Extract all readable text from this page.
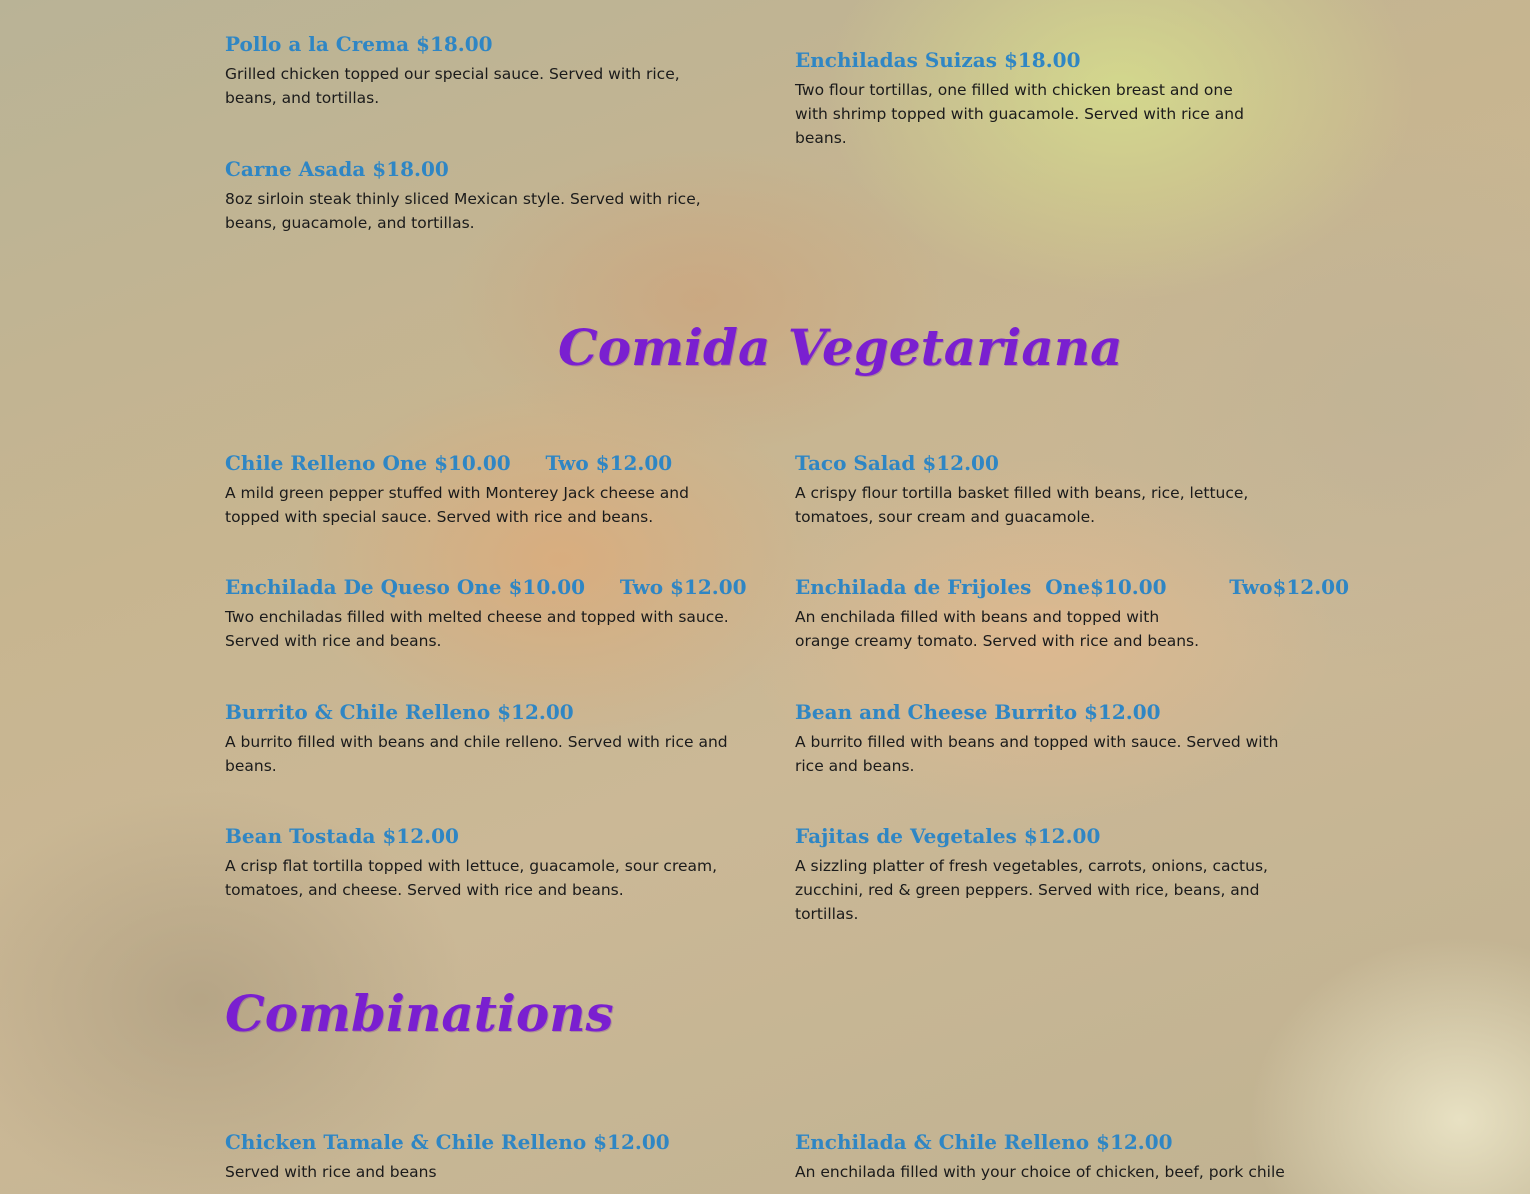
Pollo a la Crema $18.00
Grilled chicken topped our special sauce. Served with rice, beans, and tortillas.
Enchiladas Suizas $18.00
Two flour tortillas, one filled with chicken breast and one with shrimp topped with guacamole. Served with rice and beans.
Carne Asada $18.00
8oz sirloin steak thinly sliced Mexican style. Served with rice, beans, guacamole, and tortillas.
Comida Vegetariana
Chile Relleno One $10.00     Two $12.00
A mild green pepper stuffed with Monterey Jack cheese and topped with special sauce. Served with rice and beans.
Taco Salad $12.00
A crispy flour tortilla basket filled with beans, rice, lettuce, tomatoes, sour cream and guacamole.
Enchilada De Queso One $10.00     Two $12.00
Two enchiladas filled with melted cheese and topped with sauce. Served with rice and beans.
Enchilada de Frijoles  One$10.00         Two$12.00
An enchilada filled with beans and topped with orange creamy tomato. Served with rice and beans.
Burrito & Chile Relleno $12.00
A burrito filled with beans and chile relleno. Served with rice and beans.
Bean and Cheese Burrito $12.00
A burrito filled with beans and topped with sauce. Served with rice and beans.
Bean Tostada $12.00
A crisp flat tortilla topped with lettuce, guacamole, sour cream, tomatoes, and cheese. Served with rice and beans.
Fajitas de Vegetales $12.00
A sizzling platter of fresh vegetables, carrots, onions, cactus, zucchini, red & green peppers. Served with rice, beans, and tortillas.
Combinations
Chicken Tamale & Chile Relleno $12.00
Served with rice and beans
Enchilada & Chile Relleno $12.00
An enchilada filled with your choice of chicken, beef, pork chile
